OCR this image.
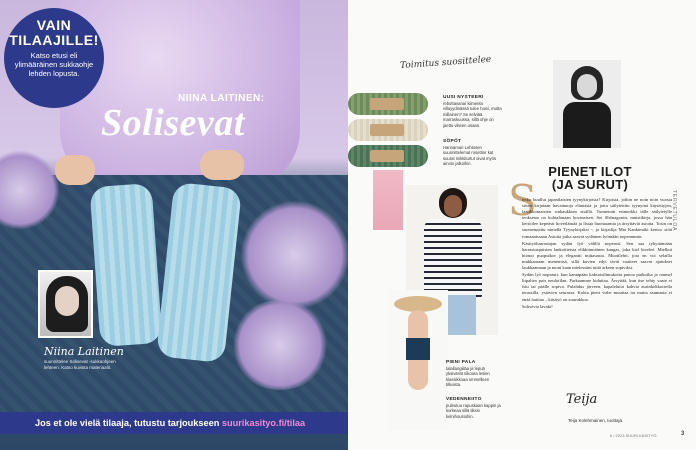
VAIN
TILAAJILLE!
Katso etusi eli ylimääräinen sukkaohje lehden lopusta.
NIINA LAITINEN:
Solisevat
Niina Laitinen
suunnittelee Solisevat -sukkaohjeen lehteen. Katso kuvista materiaalit.
Jos et ole vielä tilaaja, tutustu tarjoukseen suurikasityo.fi/tilaa
Toimitus suosittelee
UUSI NYSTEERI
rebottavanaí kiimeela villayydinässä tulee huivi, mutta millainen? Se selviää marraskuussa, sillä ohje on jaettu viiteen osaan.
SÖPÖT
Hannamari Lehtosen suunnittelemat rosettior kat suurat mikkiturtut oivat myös ainnin jalkoihin.
PIENI PALA
talallangiiläa ja lepuä yksivärist tiikouta lesien klassikkoaa ommelleen tilkuista.
VEDENNEIITO
puleutuu rapuskaan kappin ja korkeaa sillä tiksin kelnihousoihin.
PIENET ILOT
(JA SURUT)
S

ietko kuullut japanilaisten tyynykirjoista? Kirjoista, joihin ne noin noin vuosia sitten kirjataan havainnoja elämästä ja jotta säilytettiin tyynyinä käytettyjen, laatikkomaisten sinkaukkien sisällä. Tunnetuin esimerkki tälle säilytetylle teoksesta on kohtalonaan hovinaisen. Sei Shōnagonin, muistikirja, jossa hän kertoilee kepeästi hoveilämää ja listaa huomaamia ja ärsyttäviä asioita. Tosin on suomennettu nimellä Tyynykirjaksi -, ja kirjailija Mia Kankimäki kertoo siitä romaanissaan Asioita jotka saavat sydämen lyömään nopeammin.

Käsityöharrastajan sydän lyö välillä nopeasti. Sen saa tykyttämään harrastuspuisten lankoitteista elikkiinnäinen kangas, joka kiel hiveleé. Mielkuí hionoi puoputkor ja elegantti mittauasta. Muotilehti, jota en voi selailla mukkamaan menemisä, sillä kuvien edyt tävät vaatteet saavat ajatukset laukkaamaan ja moni kaan mielessäni niitä arkeen sopiviksi.

Sydän lyö nopeasti, kun kantapään kaksoisiltmukoita punoa puikoilta ja ommel liipaltea pois neulotilan. Parkaamme kiduttaa. Ärsyttää, kun itse tehty vaate ei istu tai päälle sopiva. Pulahdus järveen, kapalelutoi kahvia aurinkokkoisella terassilla, ystävien seurassa. Kohta pieni virhe muuttaa tai muita saumasta ei enää haittaa – käsityö on suurukkoa.

Solisevia lavakt!

Teija
Teija Kolehmainen, tuottaja
TERVETULOA
6 / 2023 SUURI KÄSITYÖ	3
